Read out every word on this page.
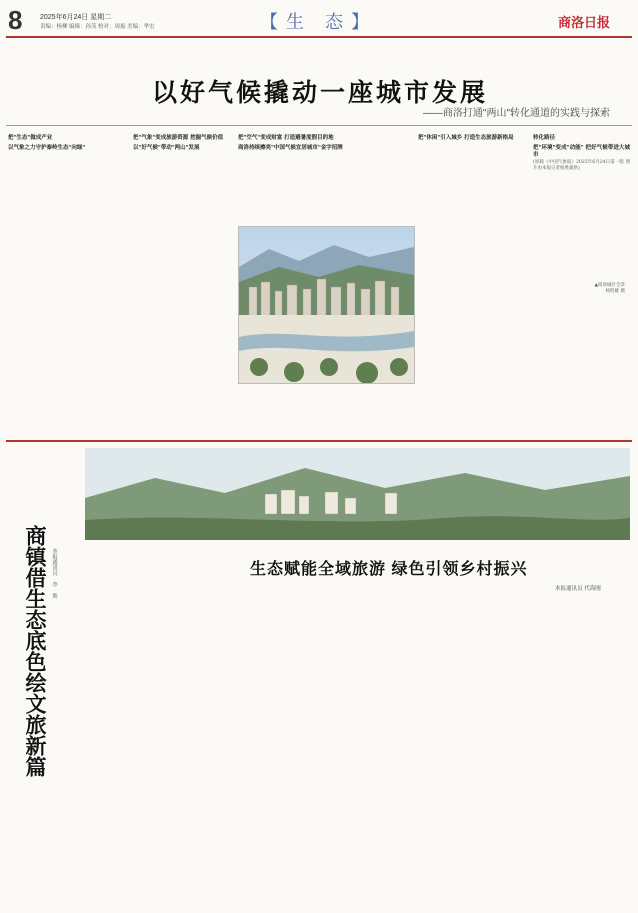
8	2025年6月24日 星期二
责编：杨柳 编辑：孙茂 校对：周振 美编：华宏	【生 态】	商洛日报
以好气候撬动一座城市发展
——商洛打通"两山"转化通道的实践与探索
把"生态"做成产业
以气象之力守护秦岭生态"向绿"
把"气象"变成旅游资源 挖掘气候价值
以"好气候"带动"两山"发展
把"空气"变成财富 打造避暑度假目的地
商洛持续擦亮"中国气候宜居城市"金字招牌
把"休闲"引入城乡 打造生态旅游新格局	转化路径
把"环境"变成"动能" 把好气候带进大城市
(原载《中国气象报》2025年6月24日第一版 图片由本报记者杨胜雄供)
▲商洛城区全景
杨胜雄 摄
商镇借生态底色绘文旅新篇 本报通讯员 李 斯	生态赋能全域旅游 绿色引领乡村振兴
本报通讯员 代海刚
